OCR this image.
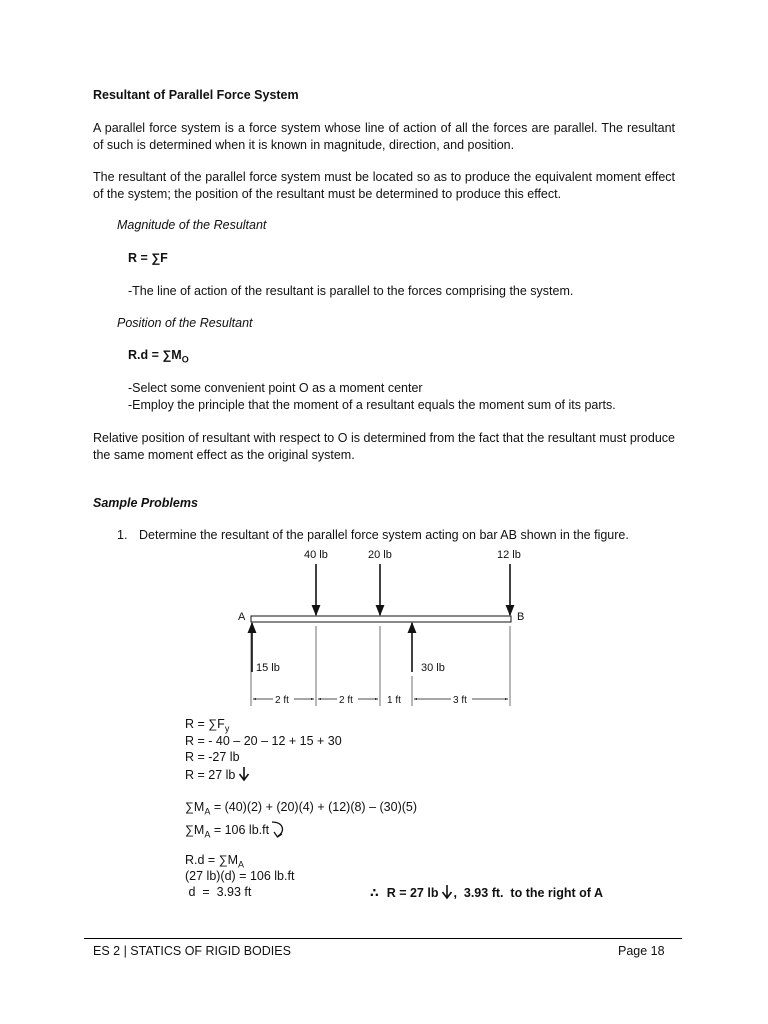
Resultant of Parallel Force System

A parallel force system is a force system whose line of action of all the forces are parallel. The resultant of such is determined when it is known in magnitude, direction, and position.

The resultant of the parallel force system must be located so as to produce the equivalent moment effect of the system; the position of the resultant must be determined to produce this effect.

Magnitude of the Resultant

R = ∑F

-The line of action of the resultant is parallel to the forces comprising the system.

Position of the Resultant

$R.d = \sum M_O$

-Select some convenient point O as a moment center

-Employ the principle that the moment of a resultant equals the moment sum of its parts.

Relative position of resultant with respect to O is determined from the fact that the resultant must produce the same moment effect as the original system.

Sample Problems

1. Determine the resultant of the parallel force system acting on bar AB shown in the figure.

A	B
40 lb	20 lb	12 lb
15 lb	30 lb
2 ft	2 ft	1 ft	3 ft

$R = \sum F_y$

R = - 40 – 20 – 12 + 15 + 30

R = -27 lb

R = 27 lb

$\sum M_A = (40)(2) + (20)(4) + (12)(8) - (30)(5)$

$\sum M_A = 106$ lb.ft

$R.d = \sum M_A$

(27 lb)(d) = 106 lb.ft

d  =  3.93 ft	∴ R = 27 lb ,  3.93 ft.  to the right of A

ES 2 | STATICS OF RIGID BODIES	Page 18
